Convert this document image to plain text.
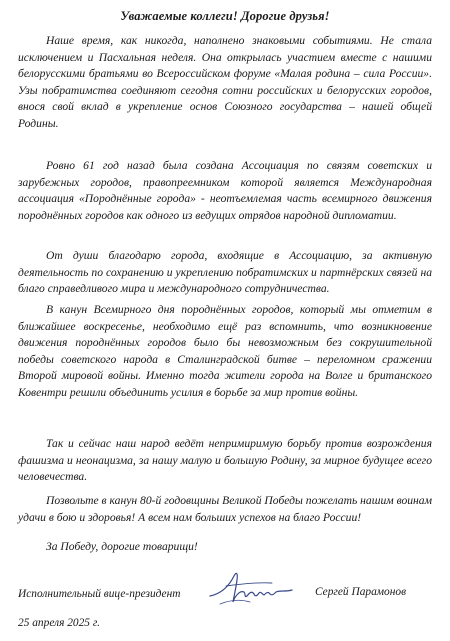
Уважаемые коллеги! Дорогие друзья!

Наше время, как никогда, наполнено знаковыми событиями. Не стала исключением и Пасхальная неделя. Она открылась участием вместе с нашими белорусскими братьями во Всероссийском форуме «Малая родина – сила России». Узы побратимства соединяют сегодня сотни российских и белорусских городов, внося свой вклад в укрепление основ Союзного государства – нашей общей Родины.

Ровно 61 год назад была создана Ассоциация по связям советских и зарубежных городов, правопреемником которой является Международная ассоциация «Породнённые города» - неотъемлемая часть всемирного движения породнённых городов как одного из ведущих отрядов народной дипломатии.

От души благодарю города, входящие в Ассоциацию, за активную деятельность по сохранению и укреплению побратимских и партнёрских связей на благо справедливого мира и международного сотрудничества.

В канун Всемирного дня породнённых городов, который мы отметим в ближайшее воскресенье, необходимо ещё раз вспомнить, что возникновение движения породнённых городов было бы невозможным без сокрушительной победы советского народа в Сталинградской битве – переломном сражении Второй мировой войны. Именно тогда жители города на Волге и британского Ковентри решили объединить усилия в борьбе за мир против войны.

Так и сейчас наш народ ведёт непримиримую борьбу против возрождения фашизма и неонацизма, за нашу малую и большую Родину, за мирное будущее всего человечества.

Позвольте в канун 80-й годовщины Великой Победы пожелать нашим воинам удачи в бою и здоровья! А всем нам больших успехов на благо России!

За Победу, дорогие товарищи!
Исполнительный вице-президент	Сергей Парамонов
25 апреля 2025 г.
